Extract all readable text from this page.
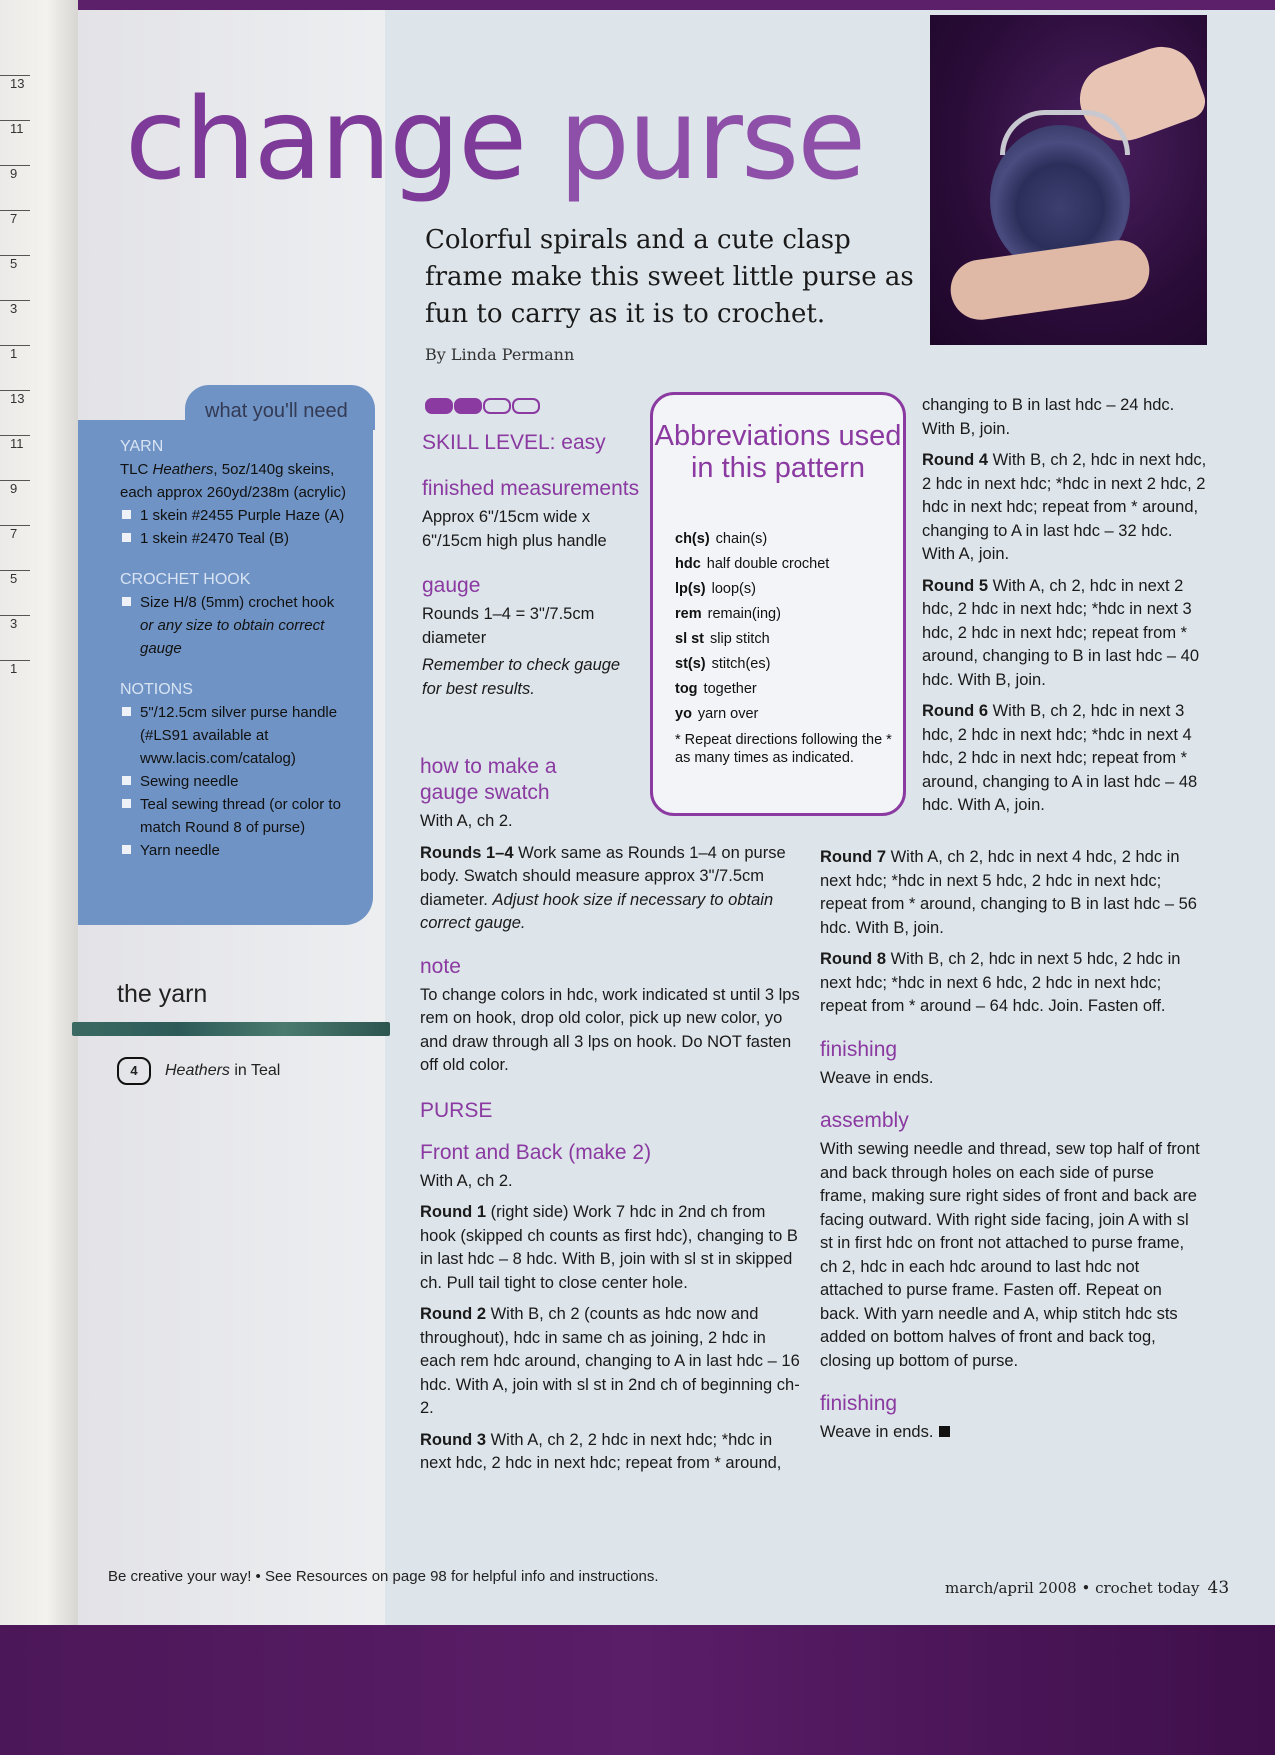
13
11
9
7
5
3
1
13
11
9
7
5
3
1
change purse
Colorful spirals and a cute clasp frame make this sweet little purse as fun to carry as it is to crochet.
By Linda Permann
what you'll need
YARN
TLC Heathers, 5oz/140g skeins, each approx 260yd/238m (acrylic)
1 skein #2455 Purple Haze (A)
1 skein #2470 Teal (B)
CROCHET HOOK
Size H/8 (5mm) crochet hook
or any size to obtain correct gauge
NOTIONS
5"/12.5cm silver purse handle (#LS91 available at www.lacis.com/catalog)
Sewing needle
Teal sewing thread (or color to match Round 8 of purse)
Yarn needle
the yarn
4 Heathers in Teal
SKILL LEVEL: easy
finished measurements
Approx 6"/15cm wide x 6"/15cm high plus handle
gauge
Rounds 1–4 = 3"/7.5cm diameter
Remember to check gauge for best results.
how to make a gauge swatch
With A, ch 2.
Rounds 1–4 Work same as Rounds 1–4 on purse body. Swatch should measure approx 3"/7.5cm diameter. Adjust hook size if necessary to obtain correct gauge.
note
To change colors in hdc, work indicated st until 3 lps rem on hook, drop old color, pick up new color, yo and draw through all 3 lps on hook. Do NOT fasten off old color.
PURSE
Front and Back (make 2)
With A, ch 2.
Round 1 (right side) Work 7 hdc in 2nd ch from hook (skipped ch counts as first hdc), changing to B in last hdc – 8 hdc. With B, join with sl st in skipped ch. Pull tail tight to close center hole.
Round 2 With B, ch 2 (counts as hdc now and throughout), hdc in same ch as joining, 2 hdc in each rem hdc around, changing to A in last hdc – 16 hdc. With A, join with sl st in 2nd ch of beginning ch-2.
Round 3 With A, ch 2, 2 hdc in next hdc; *hdc in next hdc, 2 hdc in next hdc; repeat from * around,
Abbreviations used in this pattern
ch(s) chain(s)
hdc half double crochet
lp(s) loop(s)
rem remain(ing)
sl st slip stitch
st(s) stitch(es)
tog together
yo yarn over
* Repeat directions following the * as many times as indicated.
changing to B in last hdc – 24 hdc. With B, join.
Round 4 With B, ch 2, hdc in next hdc, 2 hdc in next hdc; *hdc in next 2 hdc, 2 hdc in next hdc; repeat from * around, changing to A in last hdc – 32 hdc. With A, join.
Round 5 With A, ch 2, hdc in next 2 hdc, 2 hdc in next hdc; *hdc in next 3 hdc, 2 hdc in next hdc; repeat from * around, changing to B in last hdc – 40 hdc. With B, join.
Round 6 With B, ch 2, hdc in next 3 hdc, 2 hdc in next hdc; *hdc in next 4 hdc, 2 hdc in next hdc; repeat from * around, changing to A in last hdc – 48 hdc. With A, join.
Round 7 With A, ch 2, hdc in next 4 hdc, 2 hdc in next hdc; *hdc in next 5 hdc, 2 hdc in next hdc; repeat from * around, changing to B in last hdc – 56 hdc. With B, join.
Round 8 With B, ch 2, hdc in next 5 hdc, 2 hdc in next hdc; *hdc in next 6 hdc, 2 hdc in next hdc; repeat from * around – 64 hdc. Join. Fasten off.
finishing
Weave in ends.
assembly
With sewing needle and thread, sew top half of front and back through holes on each side of purse frame, making sure right sides of front and back are facing outward. With right side facing, join A with sl st in first hdc on front not attached to purse frame, ch 2, hdc in each hdc around to last hdc not attached to purse frame. Fasten off. Repeat on back. With yarn needle and A, whip stitch hdc sts added on bottom halves of front and back tog, closing up bottom of purse.
finishing
Weave in ends.
Be creative your way! • See Resources on page 98 for helpful info and instructions.
march/april 2008 • crochet today 43
